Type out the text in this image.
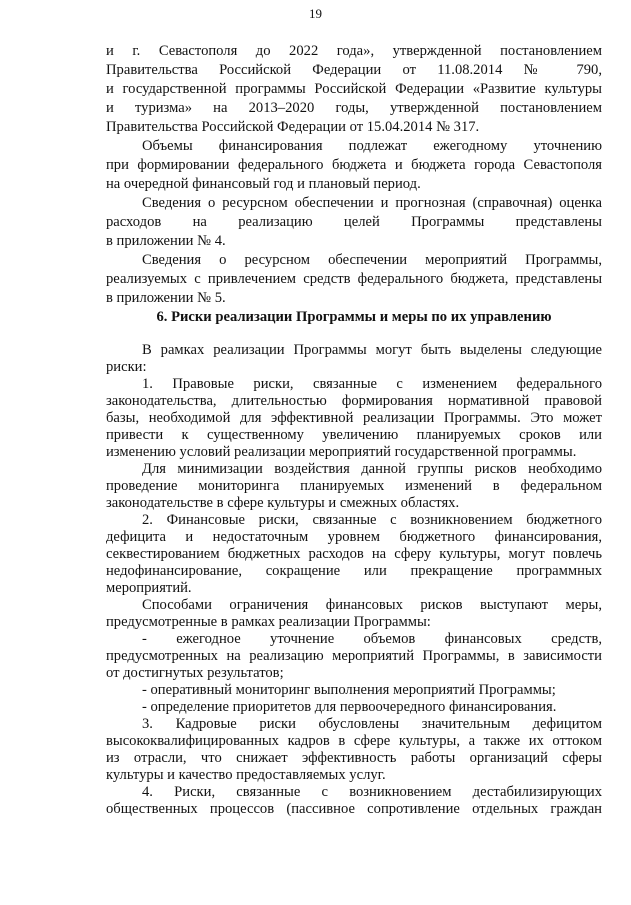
19
и г. Севастополя до 2022 года», утвержденной постановлением
Правительства Российской Федерации от 11.08.2014 № 790,
и государственной программы Российской Федерации «Развитие культуры
и туризма» на 2013–2020 годы, утвержденной постановлением
Правительства Российской Федерации от 15.04.2014 № 317.
Объемы финансирования подлежат ежегодному уточнению
при формировании федерального бюджета и бюджета города Севастополя
на очередной финансовый год и плановый период.
Сведения о ресурсном обеспечении и прогнозная (справочная) оценка
расходов на реализацию целей Программы представлены
в приложении № 4.
Сведения о ресурсном обеспечении мероприятий Программы,
реализуемых с привлечением средств федерального бюджета, представлены
в приложении № 5.
6. Риски реализации Программы и меры по их управлению
В рамках реализации Программы могут быть выделены следующие
риски:
1. Правовые риски, связанные с изменением федерального
законодательства, длительностью формирования нормативной правовой
базы, необходимой для эффективной реализации Программы. Это может
привести к существенному увеличению планируемых сроков или
изменению условий реализации мероприятий государственной программы.
Для минимизации воздействия данной группы рисков необходимо
проведение мониторинга планируемых изменений в федеральном
законодательстве в сфере культуры и смежных областях.
2. Финансовые риски, связанные с возникновением бюджетного
дефицита и недостаточным уровнем бюджетного финансирования,
секвестированием бюджетных расходов на сферу культуры, могут повлечь
недофинансирование, сокращение или прекращение программных
мероприятий.
Способами ограничения финансовых рисков выступают меры,
предусмотренные в рамках реализации Программы:
- ежегодное уточнение объемов финансовых средств,
предусмотренных на реализацию мероприятий Программы, в зависимости
от достигнутых результатов;
- оперативный мониторинг выполнения мероприятий Программы;
- определение приоритетов для первоочередного финансирования.
3. Кадровые риски обусловлены значительным дефицитом
высококвалифицированных кадров в сфере культуры, а также их оттоком
из отрасли, что снижает эффективность работы организаций сферы
культуры и качество предоставляемых услуг.
4. Риски, связанные с возникновением дестабилизирующих
общественных процессов (пассивное сопротивление отдельных граждан
